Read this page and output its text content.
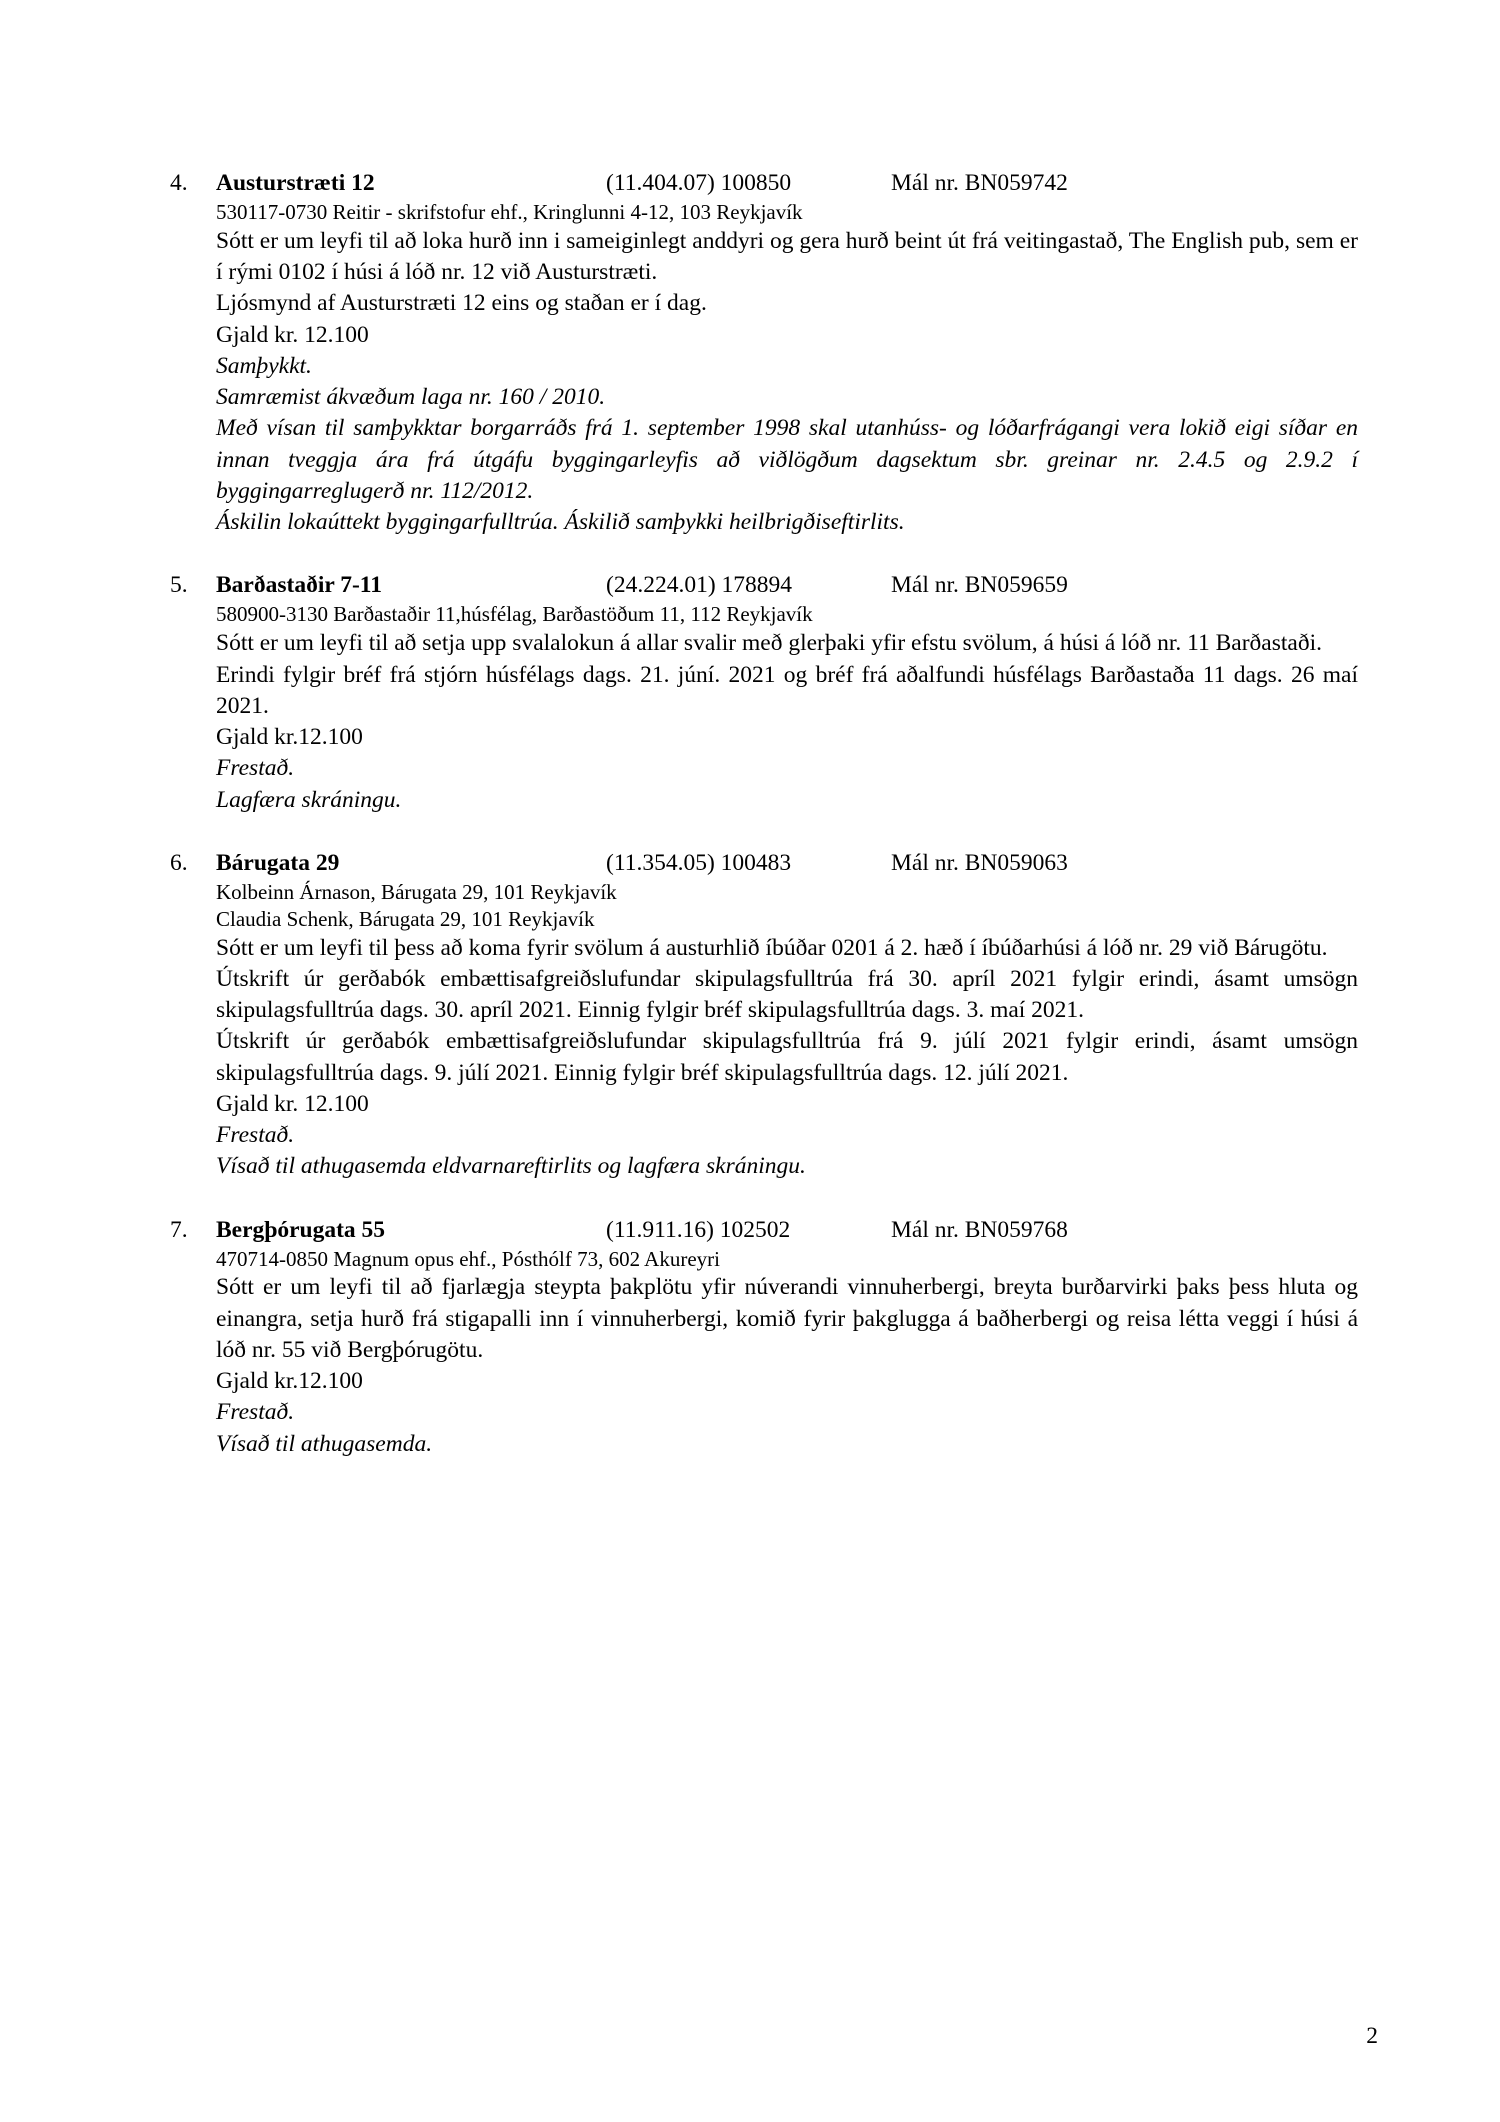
4.	Austurstræti 12	(11.404.07) 100850	Mál nr. BN059742
530117-0730 Reitir - skrifstofur ehf., Kringlunni 4-12, 103 Reykjavík
Sótt er um leyfi til að loka hurð inn i sameiginlegt anddyri og gera hurð beint út frá veitingastað, The English pub, sem er í rými 0102 í húsi á lóð nr. 12 við Austurstræti.
Ljósmynd af Austurstræti 12 eins og staðan er í dag.
Gjald kr. 12.100
Samþykkt.
Samræmist ákvæðum laga nr. 160 / 2010.
Með vísan til samþykktar borgarráðs frá 1. september 1998 skal utanhúss- og lóðarfrágangi vera lokið eigi síðar en innan tveggja ára frá útgáfu byggingarleyfis að viðlögðum dagsektum sbr. greinar nr. 2.4.5 og 2.9.2 í byggingarreglugerð nr. 112/2012.
Áskilin lokaúttekt byggingarfulltrúa. Áskilið samþykki heilbrigðiseftirlits.
5.	Barðastaðir 7-11	(24.224.01) 178894	Mál nr. BN059659
580900-3130 Barðastaðir 11,húsfélag, Barðastöðum 11, 112 Reykjavík
Sótt er um leyfi til að setja upp svalalokun á allar svalir með glerþaki yfir efstu svölum, á húsi á lóð nr. 11 Barðastaði.
Erindi fylgir bréf frá stjórn húsfélags dags. 21. júní. 2021 og bréf frá aðalfundi húsfélags Barðastaða 11 dags. 26 maí 2021.
Gjald kr.12.100
Frestað.
Lagfæra skráningu.
6.	Bárugata 29	(11.354.05) 100483	Mál nr. BN059063
Kolbeinn Árnason, Bárugata 29, 101 Reykjavík
Claudia Schenk, Bárugata 29, 101 Reykjavík
Sótt er um leyfi til þess að koma fyrir svölum á austurhlið íbúðar 0201 á 2. hæð í íbúðarhúsi á lóð nr. 29 við Bárugötu.
Útskrift úr gerðabók embættisafgreiðslufundar skipulagsfulltrúa frá 30. apríl 2021 fylgir erindi, ásamt umsögn skipulagsfulltrúa dags. 30. apríl 2021. Einnig fylgir bréf skipulagsfulltrúa dags. 3. maí 2021.
Útskrift úr gerðabók embættisafgreiðslufundar skipulagsfulltrúa frá 9. júlí 2021 fylgir erindi, ásamt umsögn skipulagsfulltrúa dags. 9. júlí 2021. Einnig fylgir bréf skipulagsfulltrúa dags. 12. júlí 2021.
Gjald kr. 12.100
Frestað.
Vísað til athugasemda eldvarnareftirlits og lagfæra skráningu.
7.	Bergþórugata 55	(11.911.16) 102502	Mál nr. BN059768
470714-0850 Magnum opus ehf., Pósthólf 73, 602 Akureyri
Sótt er um leyfi til að fjarlægja steypta þakplötu yfir núverandi vinnuherbergi, breyta burðarvirki þaks þess hluta og einangra, setja hurð frá stigapalli inn í vinnuherbergi, komið fyrir þakglugga á baðherbergi og reisa létta veggi í húsi á lóð nr. 55 við Bergþórugötu.
Gjald kr.12.100
Frestað.
Vísað til athugasemda.
2
